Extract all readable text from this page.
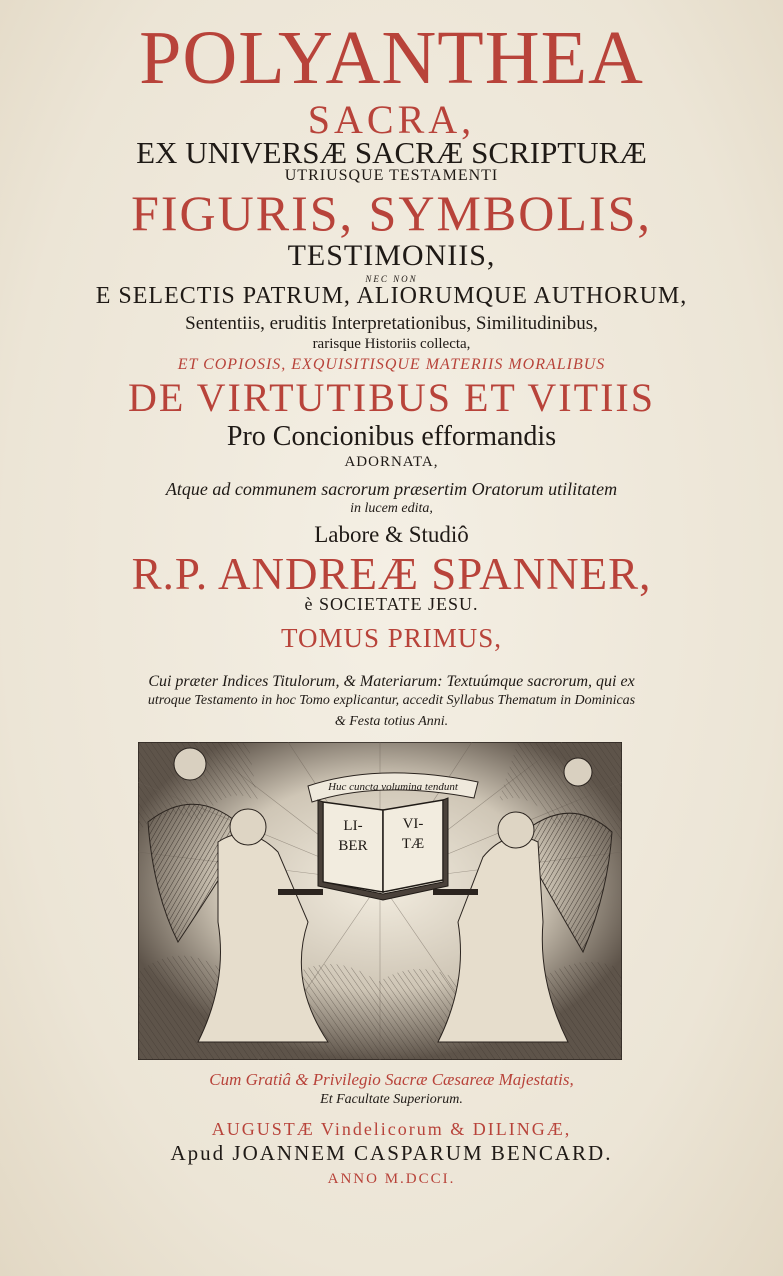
POLYANTHEA
SACRA,
EX UNIVERSÆ SACRÆ SCRIPTURÆ
UTRIUSQUE TESTAMENTI
FIGURIS, SYMBOLIS,
TESTIMONIIS,
NEC NON
E SELECTIS PATRUM, ALIORUMQUE AUTHORUM,
Sententiis, eruditis Interpretationibus, Similitudinibus,
rarisque Historiis collecta,
ET COPIOSIS, EXQUISITISQUE MATERIIS MORALIBUS
DE VIRTUTIBUS ET VITIIS
Pro Concionibus efformandis
ADORNATA,
Atque ad communem sacrorum præsertim Oratorum utilitatem
in lucem edita,
Labore & Studiô
R.P. ANDREÆ SPANNER,
è SOCIETATE JESU.
TOMUS PRIMUS,
Cui præter Indices Titulorum, & Materiarum: Textuúmque sacrorum, qui ex
utroque Testamento in hoc Tomo explicantur, accedit Syllabus Thematum in Dominicas
& Festa totius Anni.
Huc cuncta volumina tendunt
LI-
BER
VI-
TÆ
Cum Gratiâ & Privilegio Sacræ Cæsareæ Majestatis,
Et Facultate Superiorum.
AUGUSTÆ Vindelicorum & DILINGÆ,
Apud JOANNEM CASPARUM BENCARD.
ANNO M.DCCI.
